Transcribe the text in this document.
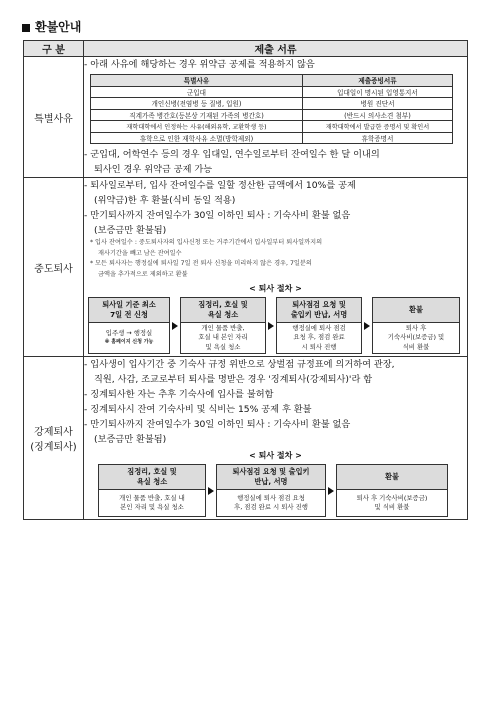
환불안내
구 분	제출 서류
특별사유	
- 아래 사유에 해당하는 경우 위약금 공제를 적용하지 않음
특별사유	제출증빙서류
군입대	입대일이 명시된 입영통지서
개인신병(전염병 등 질병, 입원)	병원 진단서
직계가족 병간호(등본상 기재된 가족의 병간호)	(반드시 의사소견 첨부)
재학대학에서 인정하는 사유(해외유학, 교환학생 등)	재학대학에서 발급한 증명서 및 확인서
휴학으로 인한 재학사유 소멸(방학제외)	휴학증명서
- 군입대, 어학연수 등의 경우 입대일, 연수일로부터 잔여일수 한 달 이내의
퇴사인 경우 위약금 공제 가능

중도퇴사	
- 퇴사일로부터, 입사 잔여일수를 일할 정산한 금액에서 10%를 공제
(위약금)한 후 환불(식비 동일 적용)
- 만기퇴사까지 잔여일수가 30일 이하인 퇴사 : 기숙사비 환불 없음
(보증금만 환불됨)
* 입사 잔여일수 : 중도퇴사자의 입사신청 또는 거주기간에서 입사일부터 퇴사일까지의
재사기간을 빼고 남은 잔여일수
* 모든 퇴사자는 행정실에 퇴사일 7일 전 퇴사 신청을 미리하지 않은 경우, 7일분의
금액을 추가적으로 제외하고 환불
< 퇴사 절차 >
퇴사일 기준 최소
7일 전 신청
입주생 → 행정실
※ 홈페이지 신청 가능
짐정리, 호실 및
욕실 청소
개인 물품 반출,
호실 내 본인 자리
및 욕실 청소
퇴사점검 요청 및
출입키 반납, 서명
행정실에 퇴사 점검
요청 후, 점검 완료
시 퇴사 진행
환불
퇴사 후
기숙사비(보증금) 및
식비 환불

강제퇴사
(징계퇴사)

- 입사생이 입사기간 중 기숙사 규정 위반으로 상벌점 규정표에 의거하여 관장,
직원, 사감, 조교로부터 퇴사를 명받은 경우 '징계퇴사(강제퇴사)'라 함
- 징계퇴사한 자는 추후 기숙사에 입사를 불허함
- 징계퇴사시 잔여 기숙사비 및 식비는 15% 공제 후 환불
- 만기퇴사까지 잔여일수가 30일 이하인 퇴사 : 기숙사비 환불 없음
(보증금만 환불됨)
< 퇴사 절차 >
짐정리, 호실 및
욕실 청소
개인 물품 반출, 호실 내
본인 자리 및 욕실 청소
퇴사점검 요청 및 출입키
반납, 서명
행정실에 퇴사 점검 요청
후, 점검 완료 시 퇴사 진행
환불
퇴사 후 기숙사비(보증금)
및 식비 환불
